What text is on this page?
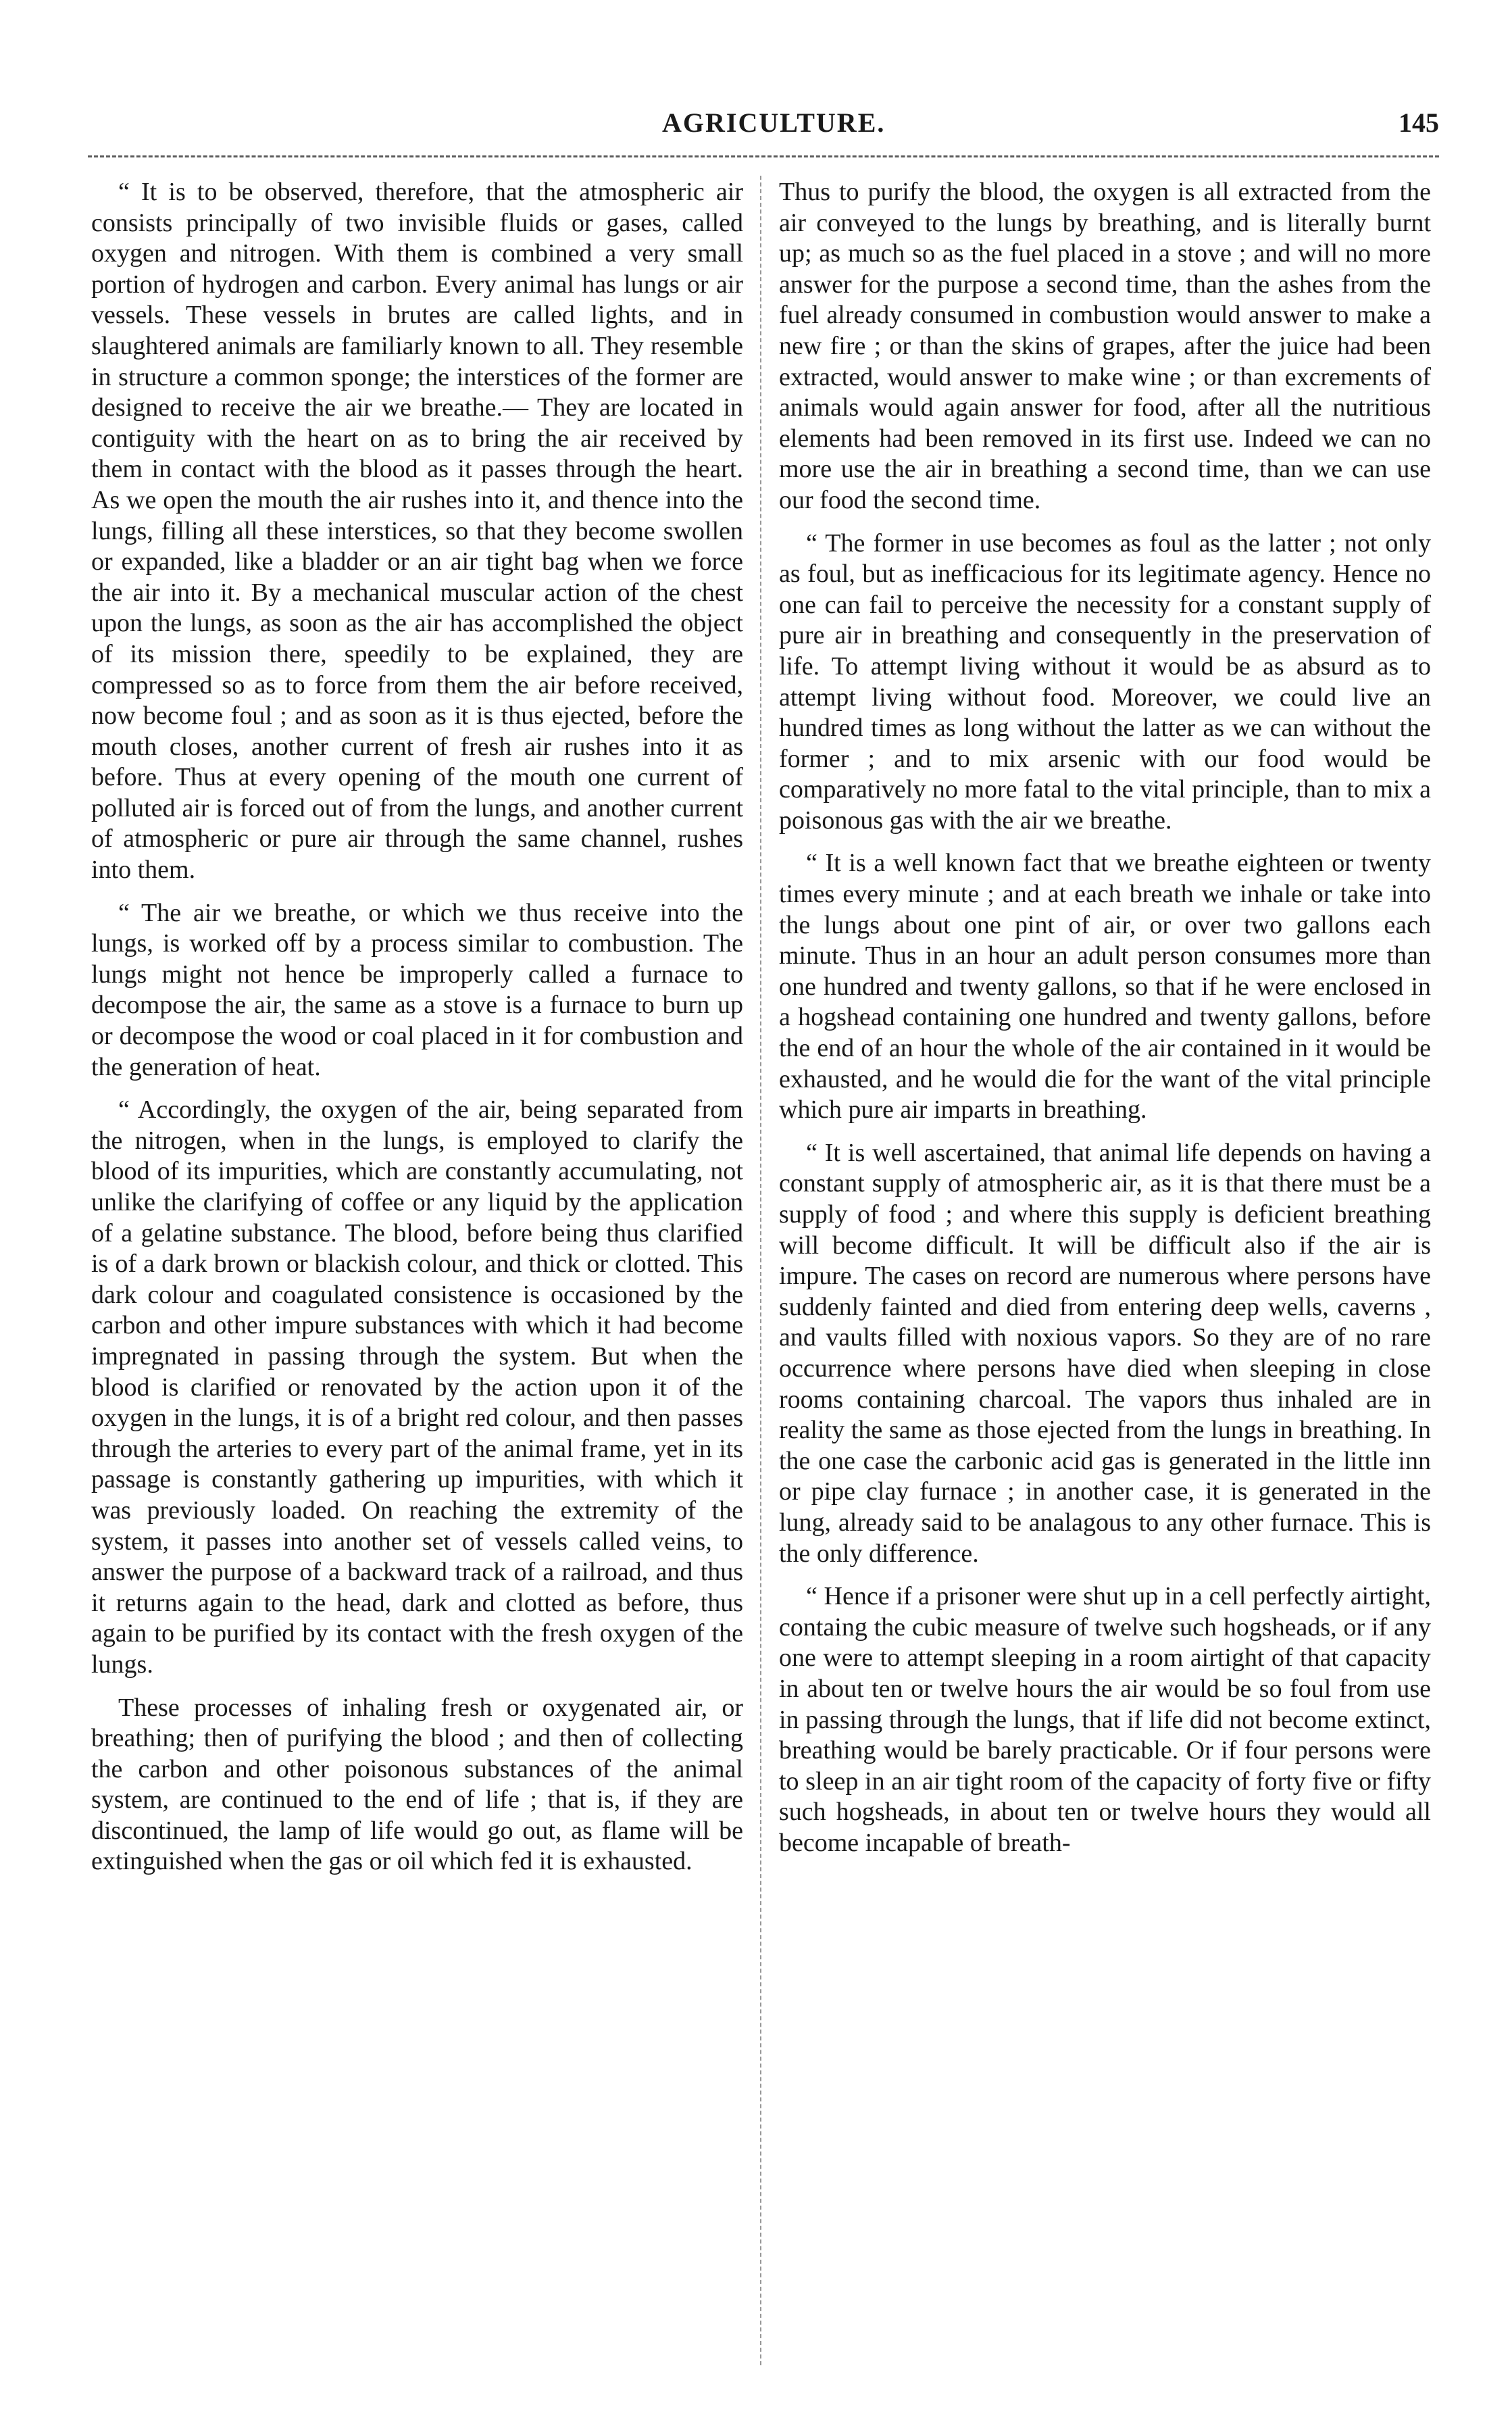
AGRICULTURE.	145

“ It is to be observed, therefore, that the atmospheric air consists principally of two invisible fluids or gases, called oxygen and nitrogen. With them is combined a very small portion of hydrogen and carbon. Every animal has lungs or air vessels. These vessels in brutes are called lights, and in slaughtered animals are familiarly known to all. They resemble in structure a common sponge; the interstices of the former are designed to receive the air we breathe.— They are located in contiguity with the heart on as to bring the air received by them in contact with the blood as it passes through the heart. As we open the mouth the air rushes into it, and thence into the lungs, filling all these interstices, so that they become swollen or expanded, like a bladder or an air tight bag when we force the air into it. By a mechanical muscular action of the chest upon the lungs, as soon as the air has accomplished the object of its mission there, speedily to be explained, they are compressed so as to force from them the air before received, now become foul ; and as soon as it is thus ejected, before the mouth closes, another current of fresh air rushes into it as before. Thus at every opening of the mouth one current of polluted air is forced out of from the lungs, and another current of atmospheric or pure air through the same channel, rushes into them.

“ The air we breathe, or which we thus receive into the lungs, is worked off by a process similar to combustion. The lungs might not hence be improperly called a furnace to decompose the air, the same as a stove is a furnace to burn up or decompose the wood or coal placed in it for combustion and the generation of heat.

“ Accordingly, the oxygen of the air, being separated from the nitrogen, when in the lungs, is employed to clarify the blood of its impurities, which are constantly accumulating, not unlike the clarifying of coffee or any liquid by the application of a gelatine substance. The blood, before being thus clarified is of a dark brown or blackish colour, and thick or clotted. This dark colour and coagulated consistence is occasioned by the carbon and other impure substances with which it had become impregnated in passing through the system. But when the blood is clarified or renovated by the action upon it of the oxygen in the lungs, it is of a bright red colour, and then passes through the arteries to every part of the animal frame, yet in its passage is constantly gathering up impurities, with which it was previously loaded. On reaching the extremity of the system, it passes into another set of vessels called veins, to answer the purpose of a backward track of a railroad, and thus it returns again to the head, dark and clotted as before, thus again to be purified by its contact with the fresh oxygen of the lungs.

These processes of inhaling fresh or oxygenated air, or breathing; then of purifying the blood ; and then of collecting the carbon and other poisonous substances of the animal system, are continued to the end of life ; that is, if they are discontinued, the lamp of life would go out, as flame will be extinguished when the gas or oil which fed it is exhausted.

Thus to purify the blood, the oxygen is all extracted from the air conveyed to the lungs by breathing, and is literally burnt up; as much so as the fuel placed in a stove ; and will no more answer for the purpose a second time, than the ashes from the fuel already consumed in combustion would answer to make a new fire ; or than the skins of grapes, after the juice had been extracted, would answer to make wine ; or than excrements of animals would again answer for food, after all the nutritious elements had been removed in its first use. Indeed we can no more use the air in breathing a second time, than we can use our food the second time.

“ The former in use becomes as foul as the latter ; not only as foul, but as inefficacious for its legitimate agency. Hence no one can fail to perceive the necessity for a constant supply of pure air in breathing and consequently in the preservation of life. To attempt living without it would be as absurd as to attempt living without food. Moreover, we could live an hundred times as long without the latter as we can without the former ; and to mix arsenic with our food would be comparatively no more fatal to the vital principle, than to mix a poisonous gas with the air we breathe.

“ It is a well known fact that we breathe eighteen or twenty times every minute ; and at each breath we inhale or take into the lungs about one pint of air, or over two gallons each minute. Thus in an hour an adult person consumes more than one hundred and twenty gallons, so that if he were enclosed in a hogshead containing one hundred and twenty gallons, before the end of an hour the whole of the air contained in it would be exhausted, and he would die for the want of the vital principle which pure air imparts in breathing.

“ It is well ascertained, that animal life depends on having a constant supply of atmospheric air, as it is that there must be a supply of food ; and where this supply is deficient breathing will become difficult. It will be difficult also if the air is impure. The cases on record are numerous where persons have suddenly fainted and died from entering deep wells, caverns , and vaults filled with noxious vapors. So they are of no rare occurrence where persons have died when sleeping in close rooms containing charcoal. The vapors thus inhaled are in reality the same as those ejected from the lungs in breathing. In the one case the carbonic acid gas is generated in the little inn or pipe clay furnace ; in another case, it is generated in the lung, already said to be analagous to any other furnace. This is the only difference.

“ Hence if a prisoner were shut up in a cell perfectly airtight, containg the cubic measure of twelve such hogsheads, or if any one were to attempt sleeping in a room airtight of that capacity in about ten or twelve hours the air would be so foul from use in passing through the lungs, that if life did not become extinct, breathing would be barely practicable. Or if four persons were to sleep in an air tight room of the capacity of forty five or fifty such hogsheads, in about ten or twelve hours they would all become incapable of breath-
